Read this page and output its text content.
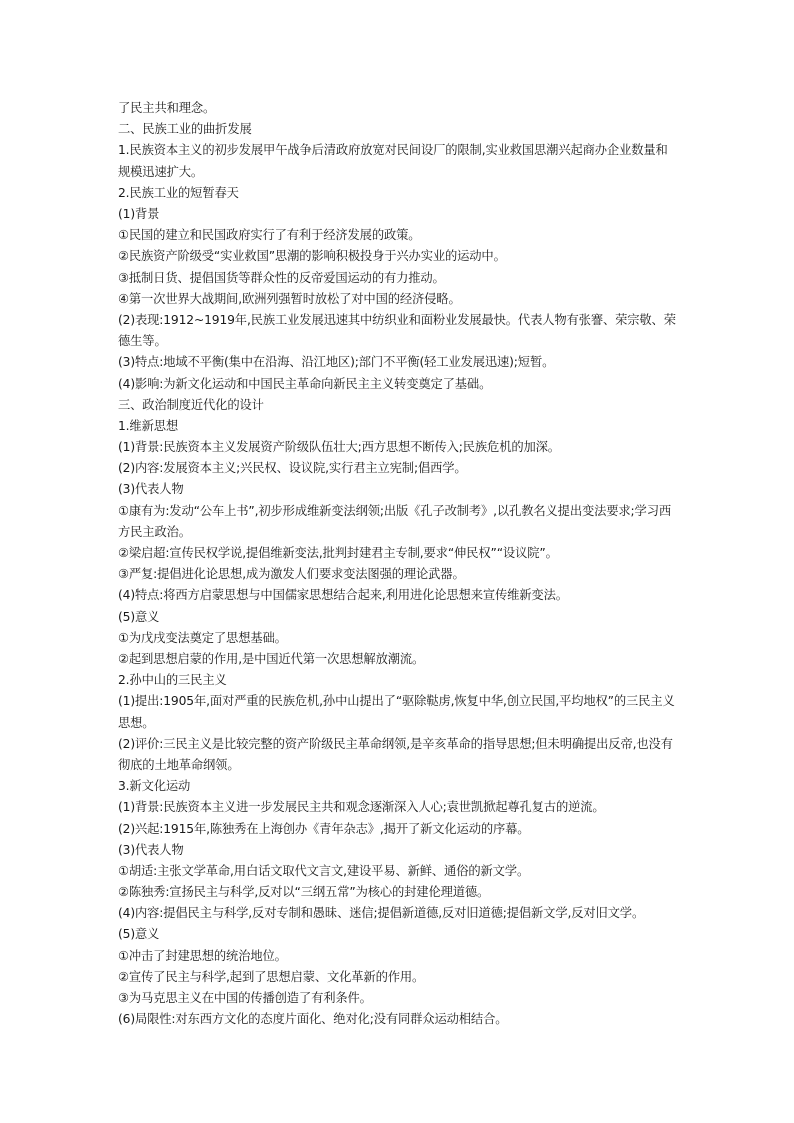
了民主共和理念。
二、民族工业的曲折发展
1.民族资本主义的初步发展甲午战争后清政府放宽对民间设厂的限制,实业救国思潮兴起商办企业数量和规模迅速扩大。
2.民族工业的短暂春天
(1)背景
①民国的建立和民国政府实行了有利于经济发展的政策。
②民族资产阶级受“实业救国”思潮的影响积极投身于兴办实业的运动中。
③抵制日货、提倡国货等群众性的反帝爱国运动的有力推动。
④第一次世界大战期间,欧洲列强暂时放松了对中国的经济侵略。
(2)表现:1912~1919年,民族工业发展迅速其中纺织业和面粉业发展最快。代表人物有张謇、荣宗敬、荣德生等。
(3)特点:地域不平衡(集中在沿海、沿江地区);部门不平衡(轻工业发展迅速);短暂。
(4)影响:为新文化运动和中国民主革命向新民主主义转变奠定了基础。
三、政治制度近代化的设计
1.维新思想
(1)背景:民族资本主义发展资产阶级队伍壮大;西方思想不断传入;民族危机的加深。
(2)内容:发展资本主义;兴民权、设议院,实行君主立宪制;倡西学。
(3)代表人物
①康有为:发动“公车上书”,初步形成维新变法纲领;出版《孔子改制考》,以孔教名义提出变法要求;学习西方民主政治。
②梁启超:宣传民权学说,提倡维新变法,批判封建君主专制,要求“伸民权”“设议院”。
③严复:提倡进化论思想,成为激发人们要求变法图强的理论武器。
(4)特点:将西方启蒙思想与中国儒家思想结合起来,利用进化论思想来宣传维新变法。
(5)意义
①为戊戌变法奠定了思想基础。
②起到思想启蒙的作用,是中国近代第一次思想解放潮流。
2.孙中山的三民主义
(1)提出:1905年,面对严重的民族危机,孙中山提出了“驱除鞑虏,恢复中华,创立民国,平均地权”的三民主义思想。
(2)评价:三民主义是比较完整的资产阶级民主革命纲领,是辛亥革命的指导思想;但未明确提出反帝,也没有彻底的土地革命纲领。
3.新文化运动
(1)背景:民族资本主义进一步发展民主共和观念逐渐深入人心;袁世凯掀起尊孔复古的逆流。
(2)兴起:1915年,陈独秀在上海创办《青年杂志》,揭开了新文化运动的序幕。
(3)代表人物
①胡适:主张文学革命,用白话文取代文言文,建设平易、新鲜、通俗的新文学。
②陈独秀:宣扬民主与科学,反对以“三纲五常”为核心的封建伦理道德。
(4)内容:提倡民主与科学,反对专制和愚昧、迷信;提倡新道德,反对旧道德;提倡新文学,反对旧文学。
(5)意义
①冲击了封建思想的统治地位。
②宣传了民主与科学,起到了思想启蒙、文化革新的作用。
③为马克思主义在中国的传播创造了有利条件。
(6)局限性:对东西方文化的态度片面化、绝对化;没有同群众运动相结合。
